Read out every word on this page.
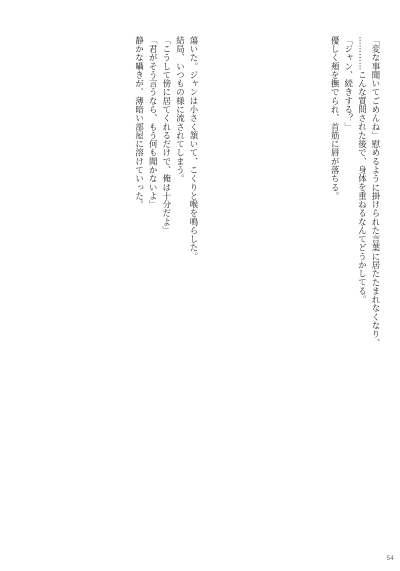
「変な事聞いてごめんね」慰めるように掛けられた言葉に居たたまれなくなり、
…………こんな質問された後で、身体を重ねるなんてどうかしてる。
「ジャン、続きする？」
優しく頬を撫でられ、首筋に唇が落ちる。
蕩いた。ジャンは小さく頷いて、こくりと喉を鳴らした。
結局、いつもの様に流されてしまう。
「こうして傍に居てくれるだけで、俺は十分だよ」
「君がそう言うなら、もう何も聞かないよ」
静かな囁きが、薄暗い部屋に溶けていった。
54
